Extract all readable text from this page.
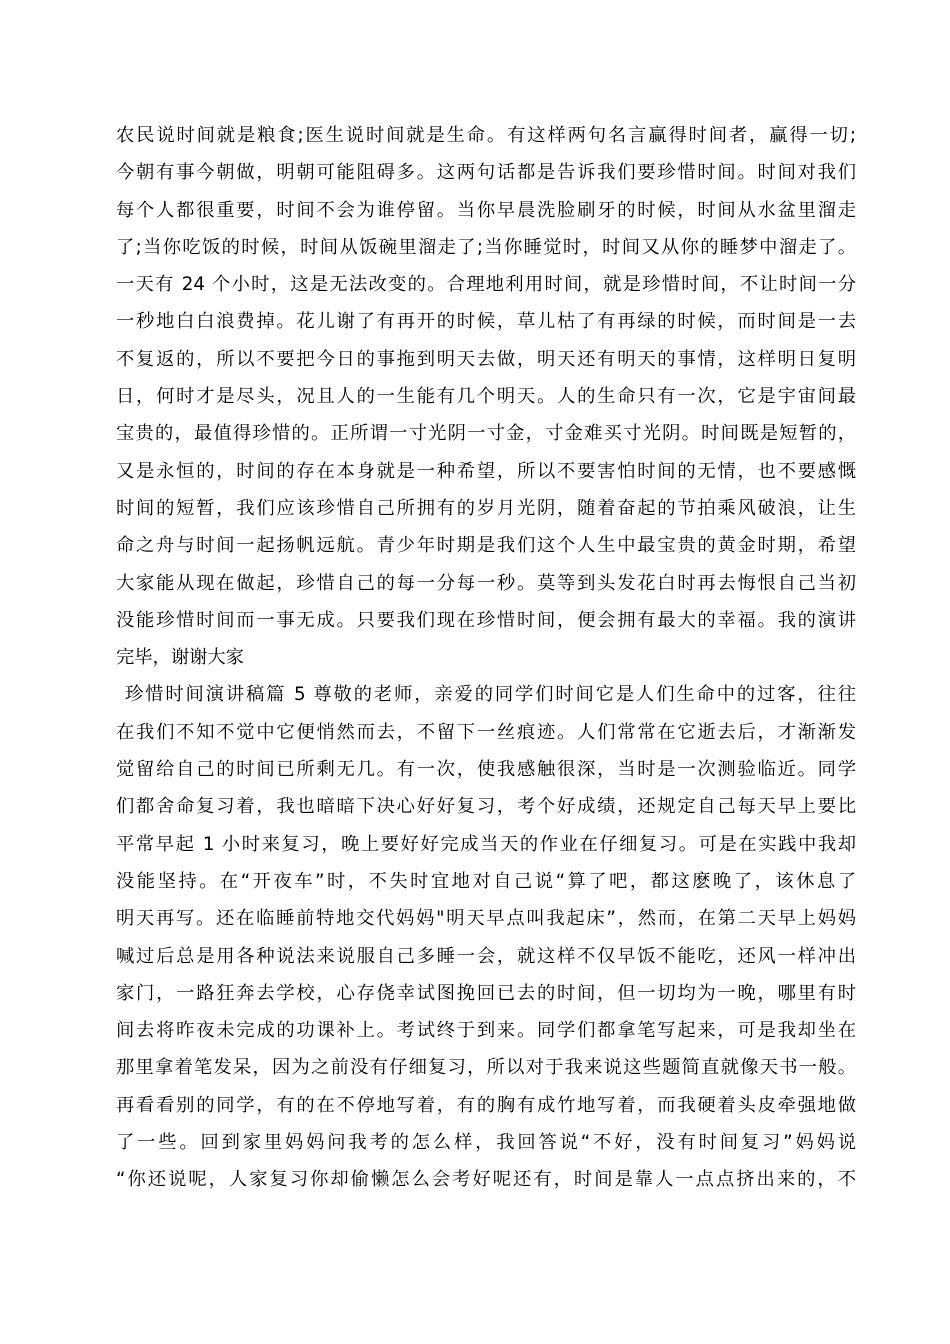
农民说时间就是粮食;医生说时间就是生命。有这样两句名言赢得时间者，赢得一切;
今朝有事今朝做，明朝可能阻碍多。这两句话都是告诉我们要珍惜时间。时间对我们
每个人都很重要，时间不会为谁停留。当你早晨洗脸刷牙的时候，时间从水盆里溜走
了;当你吃饭的时候，时间从饭碗里溜走了;当你睡觉时，时间又从你的睡梦中溜走了。
一天有 24 个小时，这是无法改变的。合理地利用时间，就是珍惜时间，不让时间一分
一秒地白白浪费掉。花儿谢了有再开的时候，草儿枯了有再绿的时候，而时间是一去
不复返的，所以不要把今日的事拖到明天去做，明天还有明天的事情，这样明日复明
日，何时才是尽头，况且人的一生能有几个明天。人的生命只有一次，它是宇宙间最
宝贵的，最值得珍惜的。正所谓一寸光阴一寸金，寸金难买寸光阴。时间既是短暂的，
又是永恒的，时间的存在本身就是一种希望，所以不要害怕时间的无情，也不要感慨
时间的短暂，我们应该珍惜自己所拥有的岁月光阴，随着奋起的节拍乘风破浪，让生
命之舟与时间一起扬帆远航。青少年时期是我们这个人生中最宝贵的黄金时期，希望
大家能从现在做起，珍惜自己的每一分每一秒。莫等到头发花白时再去悔恨自己当初
没能珍惜时间而一事无成。只要我们现在珍惜时间，便会拥有最大的幸福。我的演讲
完毕，谢谢大家
珍惜时间演讲稿篇 5 尊敬的老师，亲爱的同学们时间它是人们生命中的过客，往往
在我们不知不觉中它便悄然而去，不留下一丝痕迹。人们常常在它逝去后，才渐渐发
觉留给自己的时间已所剩无几。有一次，使我感触很深，当时是一次测验临近。同学
们都舍命复习着，我也暗暗下决心好好复习，考个好成绩，还规定自己每天早上要比
平常早起 1 小时来复习，晚上要好好完成当天的作业在仔细复习。可是在实践中我却
没能坚持。在“开夜车”时，不失时宜地对自己说“算了吧，都这麽晚了，该休息了
明天再写。还在临睡前特地交代妈妈"明天早点叫我起床”，然而，在第二天早上妈妈
喊过后总是用各种说法来说服自己多睡一会，就这样不仅早饭不能吃，还风一样冲出
家门，一路狂奔去学校，心存侥幸试图挽回已去的时间，但一切均为一晚，哪里有时
间去将昨夜未完成的功课补上。考试终于到来。同学们都拿笔写起来，可是我却坐在
那里拿着笔发呆，因为之前没有仔细复习，所以对于我来说这些题简直就像天书一般。
再看看别的同学，有的在不停地写着，有的胸有成竹地写着，而我硬着头皮牵强地做
了一些。回到家里妈妈问我考的怎么样，我回答说“不好，没有时间复习”妈妈说
“你还说呢，人家复习你却偷懒怎么会考好呢还有，时间是靠人一点点挤出来的，不
